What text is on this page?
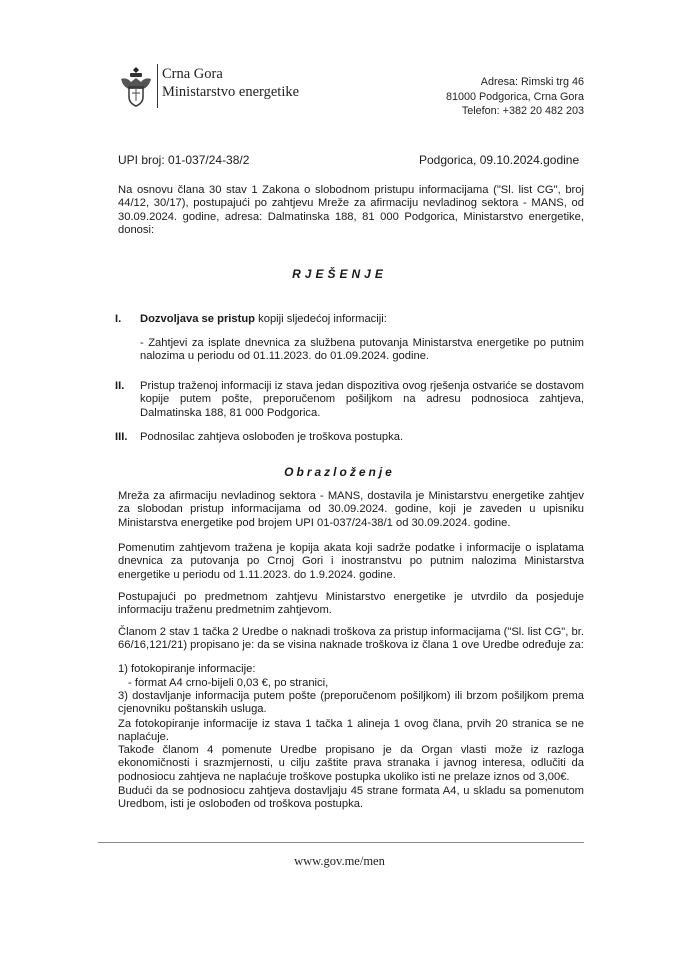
Crna Gora
Ministarstvo energetike
Adresa: Rimski trg 46
81000 Podgorica, Crna Gora
Telefon: +382 20 482 203
UPI broj: 01-037/24-38/2	Podgorica, 09.10.2024.godine

Na osnovu člana 30 stav 1 Zakona o slobodnom pristupu informacijama ("Sl. list CG", broj 44/12, 30/17), postupajući po zahtjevu Mreže za afirmaciju nevladinog sektora - MANS, od 30.09.2024. godine, adresa: Dalmatinska 188, 81 000 Podgorica, Ministarstvo energetike, donosi:

RJEŠENJE
I. Dozvoljava se pristup kopiji sljedećoj informaciji:

- Zahtjevi za isplate dnevnica za službena putovanja Ministarstva energetike po putnim nalozima u periodu od 01.11.2023. do 01.09.2024. godine.

II. Pristup traženoj informaciji iz stava jedan dispozitiva ovog rješenja ostvariće se dostavom kopije putem pošte, preporučenom pošiljkom na adresu podnosioca zahtjeva, Dalmatinska 188, 81 000 Podgorica.

III. Podnosilac zahtjeva oslobođen je troškova postupka.

Obrazloženje

Mreža za afirmaciju nevladinog sektora - MANS, dostavila je Ministarstvu energetike zahtjev za slobodan pristup informacijama od 30.09.2024. godine, koji je zaveden u upisniku Ministarstva energetike pod brojem UPI 01-037/24-38/1 od 30.09.2024. godine.

Pomenutim zahtjevom tražena je kopija akata koji sadrže podatke i informacije o isplatama dnevnica za putovanja po Crnoj Gori i inostranstvu po putnim nalozima Ministarstva energetike u periodu od 1.11.2023. do 1.9.2024. godine.

Postupajući po predmetnom zahtjevu Ministarstvo energetike je utvrdilo da posjeduje informaciju traženu predmetnim zahtjevom.

Članom 2 stav 1 tačka 2 Uredbe o naknadi troškova za pristup informacijama ("Sl. list CG", br. 66/16,121/21) propisano je: da se visina naknade troškova iz člana 1 ove Uredbe određuje za:

1) fotokopiranje informacije:

- format A4 crno-bijeli 0,03 €, po stranici,

3) dostavljanje informacija putem pošte (preporučenom pošiljkom) ili brzom pošiljkom prema cjenovniku poštanskih usluga.

Za fotokopiranje informacije iz stava 1 tačka 1 alineja 1 ovog člana, prvih 20 stranica se ne naplaćuje.

Takođe članom 4 pomenute Uredbe propisano je da Organ vlasti može iz razloga ekonomičnosti i srazmjernosti, u cilju zaštite prava stranaka i javnog interesa, odlučiti da podnosiocu zahtjeva ne naplaćuje troškove postupka ukoliko isti ne prelaze iznos od 3,00€.

Budući da se podnosiocu zahtjeva dostavljaju 45 strane formata A4, u skladu sa pomenutom Uredbom, isti je oslobođen od troškova postupka.

www.gov.me/men
